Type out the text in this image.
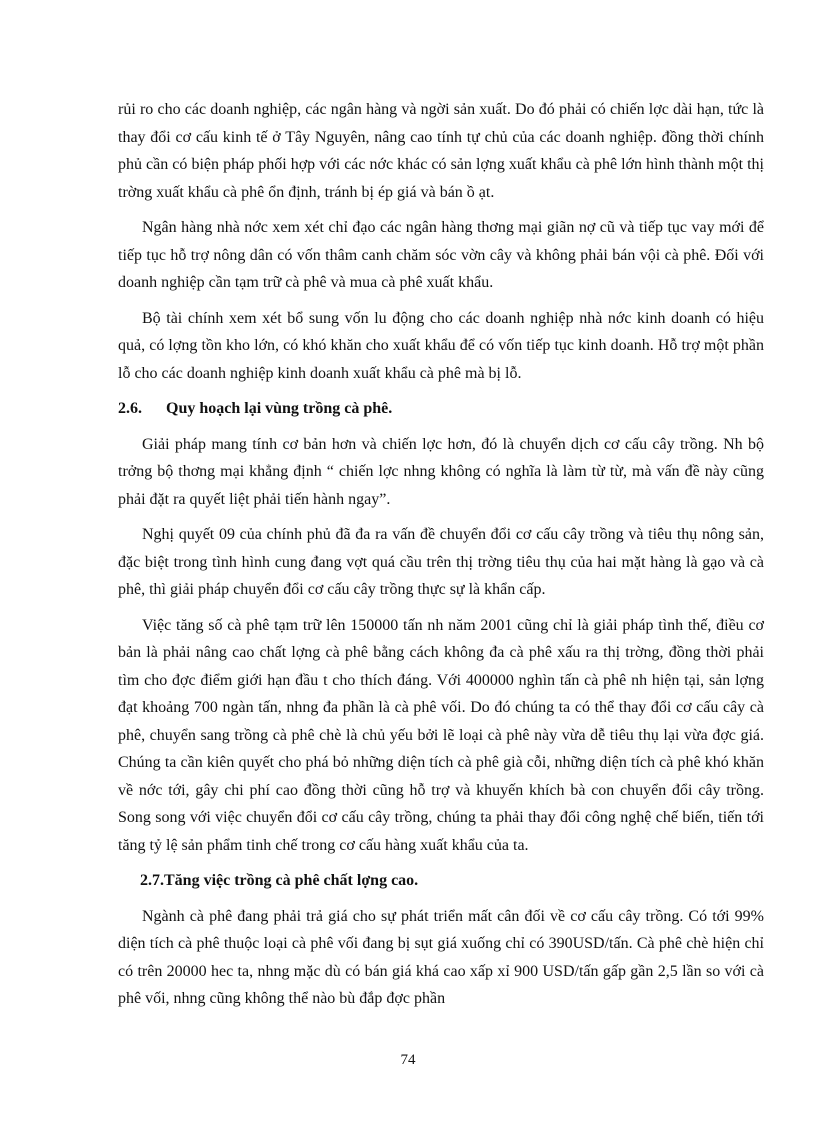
rủi ro cho các doanh nghiệp, các ngân hàng và ngời sản xuất. Do đó phải có chiến lợc dài hạn, tức là thay đổi cơ cấu kinh tế ở Tây Nguyên, nâng cao tính tự chủ của các doanh nghiệp. đồng thời chính phủ cần có biện pháp phối hợp với các nớc khác có sản lợng xuất khẩu cà phê lớn hình thành một thị trờng xuất khẩu cà phê ổn định, tránh bị ép giá và bán ồ ạt.

Ngân hàng nhà nớc xem xét chỉ đạo các ngân hàng thơng mại giãn nợ cũ và tiếp tục vay mới để tiếp tục hỗ trợ nông dân có vốn thâm canh chăm sóc vờn cây và không phải bán vội cà phê. Đối với doanh nghiệp cần tạm trữ cà phê và mua cà phê xuất khẩu.

Bộ tài chính xem xét bổ sung vốn lu động cho các doanh nghiệp nhà nớc kinh doanh có hiệu quả, có lợng tồn kho lớn, có khó khăn cho xuất khẩu để có vốn tiếp tục kinh doanh. Hỗ trợ một phần lỗ cho các doanh nghiệp kinh doanh xuất khẩu cà phê mà bị lỗ.

2.6. Quy hoạch lại vùng trồng cà phê.

Giải pháp mang tính cơ bản hơn và chiến lợc hơn, đó là chuyển dịch cơ cấu cây trồng. Nh bộ trởng bộ thơng mại khẳng định “ chiến lợc nhng không có nghĩa là làm từ từ, mà vấn đề này cũng phải đặt ra quyết liệt phải tiến hành ngay”.

Nghị quyết 09 của chính phủ đã đa ra vấn đề chuyển đổi cơ cấu cây trồng và tiêu thụ nông sản, đặc biệt trong tình hình cung đang vợt quá cầu trên thị trờng tiêu thụ của hai mặt hàng là gạo và cà phê, thì giải pháp chuyển đổi cơ cấu cây trồng thực sự là khẩn cấp.

Việc tăng số cà phê tạm trữ lên 150000 tấn nh năm 2001 cũng chỉ là giải pháp tình thế, điều cơ bản là phải nâng cao chất lợng cà phê bằng cách không đa cà phê xấu ra thị trờng, đồng thời phải tìm cho đợc điểm giới hạn đầu t cho thích đáng. Với 400000 nghìn tấn cà phê nh hiện tại, sản lợng đạt khoảng 700 ngàn tấn, nhng đa phần là cà phê vối. Do đó chúng ta có thể thay đổi cơ cấu cây cà phê, chuyển sang trồng cà phê chè là chủ yếu bởi lẽ loại cà phê này vừa dễ tiêu thụ lại vừa đợc giá. Chúng ta cần kiên quyết cho phá bỏ những diện tích cà phê già cỗi, những diện tích cà phê khó khăn về nớc tới, gây chi phí cao đồng thời cũng hỗ trợ và khuyến khích bà con chuyển đổi cây trồng. Song song với việc chuyển đổi cơ cấu cây trồng, chúng ta phải thay đổi công nghệ chế biến, tiến tới tăng tỷ lệ sản phẩm tinh chế trong cơ cấu hàng xuất khẩu của ta.

2.7.Tăng việc trồng cà phê chất lợng cao.

Ngành cà phê đang phải trả giá cho sự phát triển mất cân đối về cơ cấu cây trồng. Có tới 99% diện tích cà phê thuộc loại cà phê vối đang bị sụt giá xuống chỉ có 390USD/tấn. Cà phê chè hiện chỉ có trên 20000 hec ta, nhng mặc dù có bán giá khá cao xấp xỉ 900 USD/tấn gấp gần 2,5 lần so với cà phê vối, nhng cũng không thể nào bù đắp đợc phần

74
